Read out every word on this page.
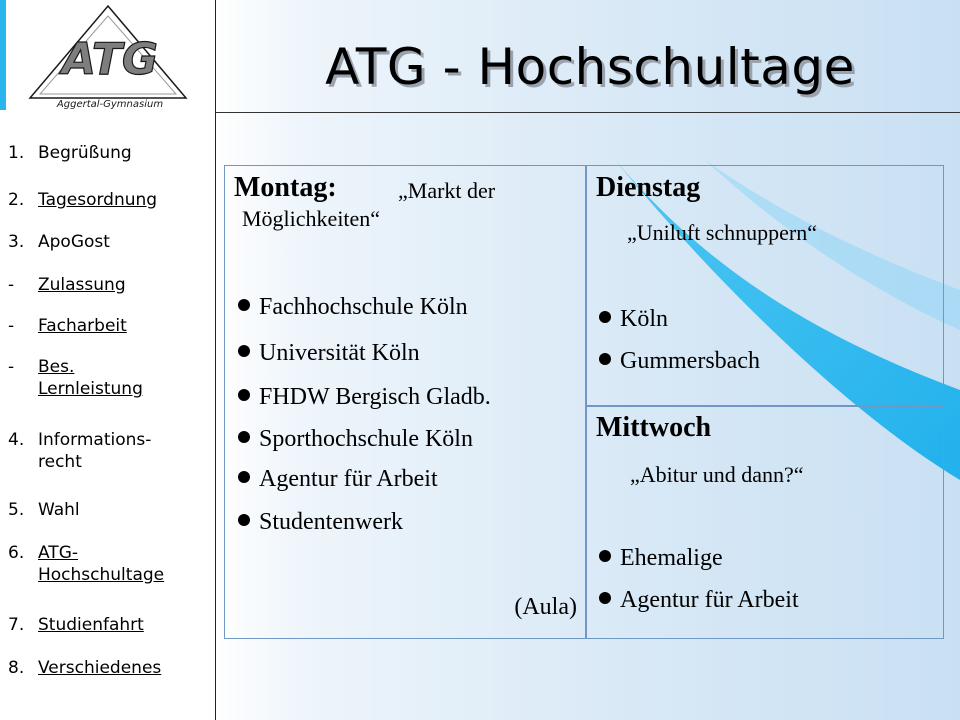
ATG
Aggertal-Gymnasium
1. Begrüßung
2. Tagesordnung
3. ApoGost
-	Zulassung
-	Facharbeit
-	Bes.
Lernleistung
4. Informations-
recht
5. Wahl
6. ATG-
Hochschultage
7. Studienfahrt
8. Verschiedenes
ATG - Hochschultage
Montag:	„Markt der
Möglichkeiten“
Fachhochschule Köln
Universität Köln
FHDW Bergisch Gladb.
Sporthochschule Köln
Agentur für Arbeit
Studentenwerk
(Aula)
Dienstag
„Uniluft schnuppern“
Köln
Gummersbach
Mittwoch
„Abitur und dann?“
Ehemalige
Agentur für Arbeit
